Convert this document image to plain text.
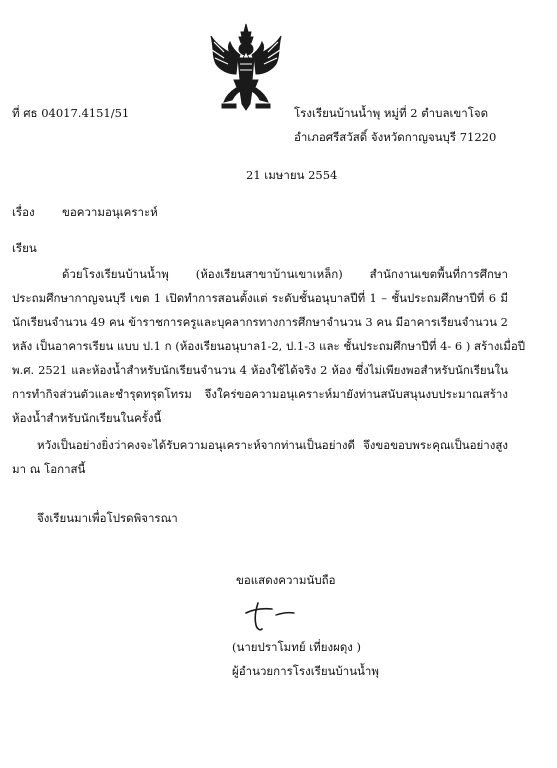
ที่ ศธ 04017.4151/51	โรงเรียนบ้านน้ำพุ หมู่ที่ 2 ตำบลเขาโจด
อำเภอศรีสวัสดิ์ จังหวัดกาญจนบุรี 71220
21 เมษายน 2554
เรื่อง ขอความอนุเคราะห์
เรียน
ด้วยโรงเรียนบ้านน้ำพุ (ห้องเรียนสาขาบ้านเขาเหล็ก) สำนักงานเขตพื้นที่การศึกษา
ประถมศึกษากาญจนบุรี เขต 1 เปิดทำการสอนตั้งแต่ ระดับชั้นอนุบาลปีที่ 1 – ชั้นประถมศึกษาปีที่ 6 มี
นักเรียนจำนวน 49 คน ข้าราชการครูและบุคลากรทางการศึกษาจำนวน 3 คน มีอาคารเรียนจำนวน 2
หลัง เป็นอาคารเรียน แบบ ป.1 ก (ห้องเรียนอนุบาล1-2, ป.1-3 และ ชั้นประถมศึกษาปีที่ 4- 6 ) สร้างเมื่อปี
พ.ศ. 2521 และห้องน้ำสำหรับนักเรียนจำนวน 4 ห้องใช้ได้จริง 2 ห้อง ซึ่งไม่เพียงพอสำหรับนักเรียนใน
การทำกิจส่วนตัวและชำรุดทรุดโทรม จึงใคร่ขอความอนุเคราะห์มายังท่านสนับสนุนงบประมาณสร้าง
ห้องน้ำสำหรับนักเรียนในครั้งนี้
หวังเป็นอย่างยิ่งว่าคงจะได้รับความอนุเคราะห์จากท่านเป็นอย่างดี จึงขอขอบพระคุณเป็นอย่างสูง
มา ณ โอกาสนี้
จึงเรียนมาเพื่อโปรดพิจารณา
ขอแสดงความนับถือ
(นายปราโมทย์ เที่ยงผดุง )
ผู้อำนวยการโรงเรียนบ้านน้ำพุ
